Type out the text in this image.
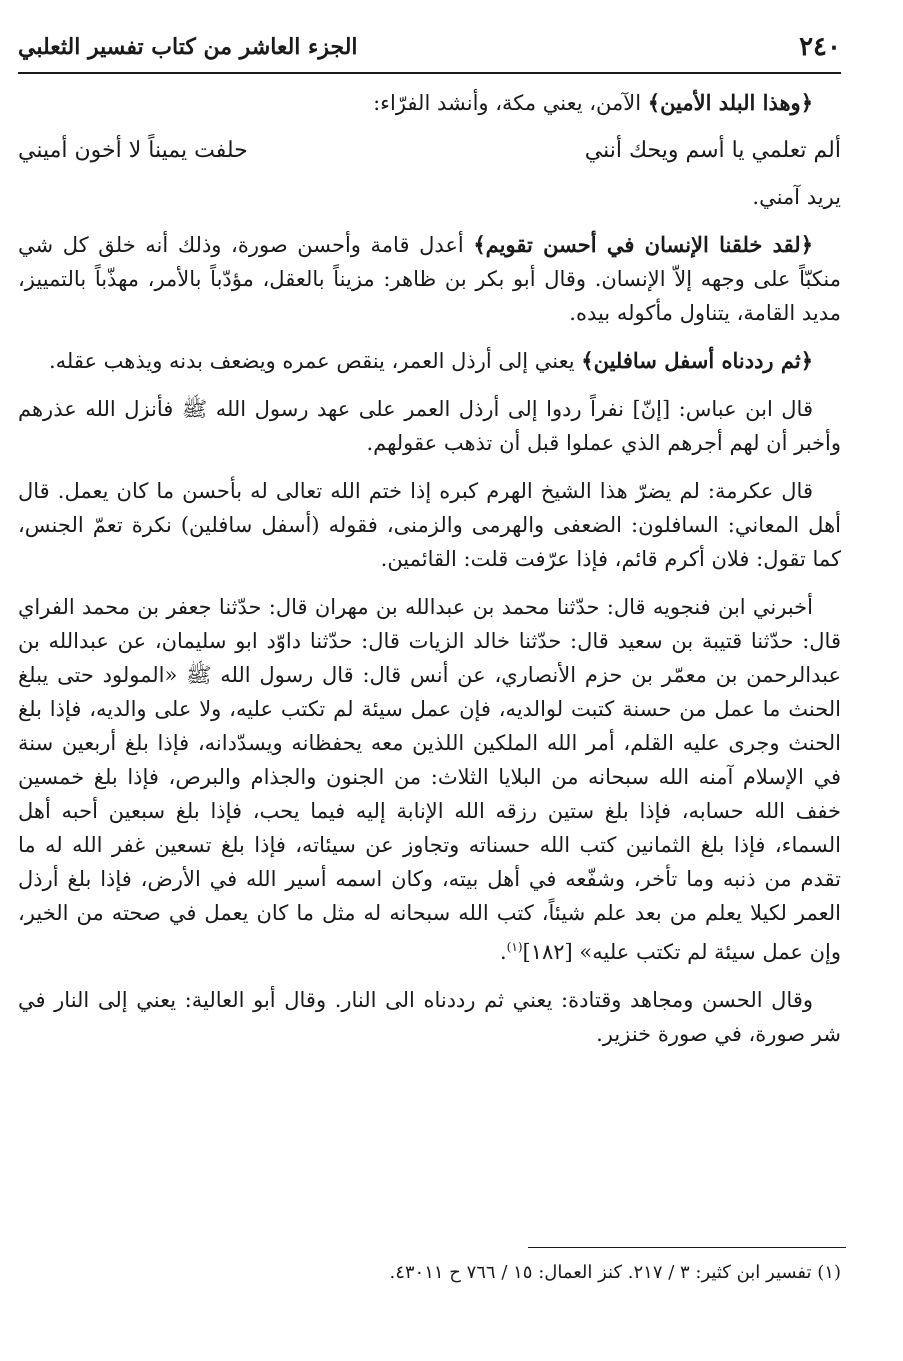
٢٤٠
الجزء العاشر من كتاب تفسير الثعلبي

﴿وهذا البلد الأمين﴾ الآمن، يعني مكة، وأنشد الفرّاء:

ألم تعلمي يا أسم ويحك أنني
حلفت يميناً لا أخون أميني

يريد آمني.

﴿لقد خلقنا الإنسان في أحسن تقويم﴾ أعدل قامة وأحسن صورة، وذلك أنه خلق كل شي منكبّاً على وجهه إلاّ الإنسان. وقال أبو بكر بن ظاهر: مزيناً بالعقل، مؤدّباً بالأمر، مهذّباً بالتمييز، مديد القامة، يتناول مأكوله بيده.

﴿ثم رددناه أسفل سافلين﴾ يعني إلى أرذل العمر، ينقص عمره ويضعف بدنه ويذهب عقله.

قال ابن عباس: [إنّ] نفراً ردوا إلى أرذل العمر على عهد رسول الله ﷺ فأنزل الله عذرهم وأخبر أن لهم أجرهم الذي عملوا قبل أن تذهب عقولهم.

قال عكرمة: لم يضرّ هذا الشيخ الهرم كبره إذا ختم الله تعالى له بأحسن ما كان يعمل. قال أهل المعاني: السافلون: الضعفى والهرمى والزمنى، فقوله (أسفل سافلين) نكرة تعمّ الجنس، كما تقول: فلان أكرم قائم، فإذا عرّفت قلت: القائمين.

أخبرني ابن فنجويه قال: حدّثنا محمد بن عبدالله بن مهران قال: حدّثنا جعفر بن محمد الفراي قال: حدّثنا قتيبة بن سعيد قال: حدّثنا خالد الزيات قال: حدّثنا داوّد ابو سليمان، عن عبدالله بن عبدالرحمن بن معمّر بن حزم الأنصاري، عن أنس قال: قال رسول الله ﷺ «المولود حتى يبلغ الحنث ما عمل من حسنة كتبت لوالديه، فإن عمل سيئة لم تكتب عليه، ولا على والديه، فإذا بلغ الحنث وجرى عليه القلم، أمر الله الملكين اللذين معه يحفظانه ويسدّدانه، فإذا بلغ أربعين سنة في الإسلام آمنه الله سبحانه من البلايا الثلاث: من الجنون والجذام والبرص، فإذا بلغ خمسين خفف الله حسابه، فإذا بلغ ستين رزقه الله الإنابة إليه فيما يحب، فإذا بلغ سبعين أحبه أهل السماء، فإذا بلغ الثمانين كتب الله حسناته وتجاوز عن سيئاته، فإذا بلغ تسعين غفر الله له ما تقدم من ذنبه وما تأخر، وشفّعه في أهل بيته، وكان اسمه أسير الله في الأرض، فإذا بلغ أرذل العمر لكيلا يعلم من بعد علم شيئاً، كتب الله سبحانه له مثل ما كان يعمل في صحته من الخير، وإن عمل سيئة لم تكتب عليه» [١٨٢]$^{(١)}$.

وقال الحسن ومجاهد وقتادة: يعني ثم رددناه الى النار. وقال أبو العالية: يعني إلى النار في شر صورة، في صورة خنزير.

(١) تفسير ابن كثير: ٣ / ٢١٧. كنز العمال: ١٥ / ٧٦٦ ح ٤٣٠١١.
